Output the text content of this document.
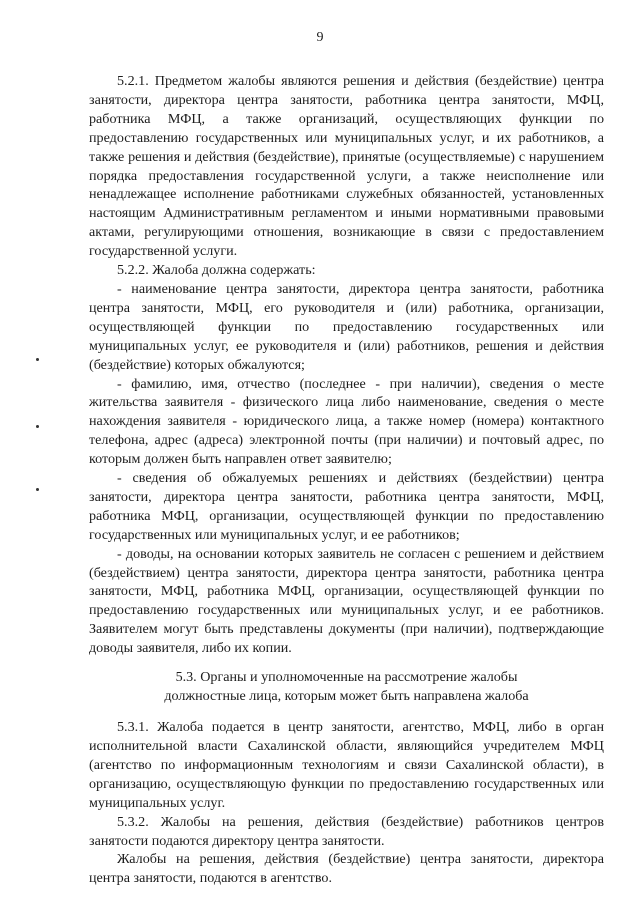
9

5.2.1. Предметом жалобы являются решения и действия (бездействие) центра занятости, директора центра занятости, работника центра занятости, МФЦ, работника МФЦ, а также организаций, осуществляющих функции по предоставлению государственных или муниципальных услуг, и их работников, а также решения и действия (бездействие), принятые (осуществляемые) с нарушением порядка предоставления государственной услуги, а также неисполнение или ненадлежащее исполнение работниками служебных обязанностей, установленных настоящим Административным регламентом и иными нормативными правовыми актами, регулирующими отношения, возникающие в связи с предоставлением государственной услуги.

5.2.2. Жалоба должна содержать:

- наименование центра занятости, директора центра занятости, работника центра занятости, МФЦ, его руководителя и (или) работника, организации, осуществляющей функции по предоставлению государственных или муниципальных услуг, ее руководителя и (или) работников, решения и действия (бездействие) которых обжалуются;

- фамилию, имя, отчество (последнее - при наличии), сведения о месте жительства заявителя - физического лица либо наименование, сведения о месте нахождения заявителя - юридического лица, а также номер (номера) контактного телефона, адрес (адреса) электронной почты (при наличии) и почтовый адрес, по которым должен быть направлен ответ заявителю;

- сведения об обжалуемых решениях и действиях (бездействии) центра занятости, директора центра занятости, работника центра занятости, МФЦ, работника МФЦ, организации, осуществляющей функции по предоставлению государственных или муниципальных услуг, и ее работников;

- доводы, на основании которых заявитель не согласен с решением и действием (бездействием) центра занятости, директора центра занятости, работника центра занятости, МФЦ, работника МФЦ, организации, осуществляющей функции по предоставлению государственных или муниципальных услуг, и ее работников. Заявителем могут быть представлены документы (при наличии), подтверждающие доводы заявителя, либо их копии.

5.3. Органы и уполномоченные на рассмотрение жалобы

должностные лица, которым может быть направлена жалоба

5.3.1. Жалоба подается в центр занятости, агентство, МФЦ, либо в орган исполнительной власти Сахалинской области, являющийся учредителем МФЦ (агентство по информационным технологиям и связи Сахалинской области), в организацию, осуществляющую функции по предоставлению государственных или муниципальных услуг.

5.3.2. Жалобы на решения, действия (бездействие) работников центров занятости подаются директору центра занятости.

Жалобы на решения, действия (бездействие) центра занятости, директора центра занятости, подаются в агентство.
